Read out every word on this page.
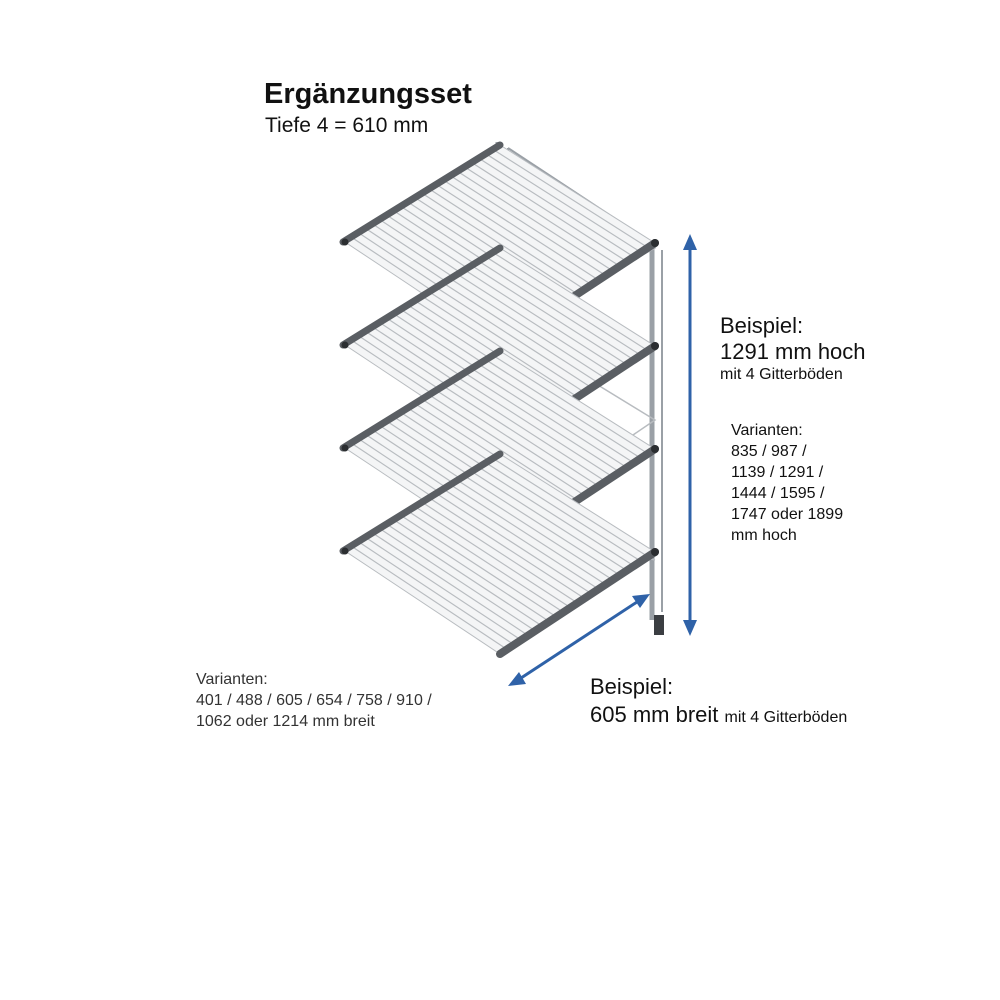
Ergänzungsset
Tiefe 4 = 610 mm
Beispiel:
1291 mm hoch
mit 4 Gitterböden
Varianten:
835 / 987 /
1139 / 1291 /
1444 / 1595 /
1747 oder 1899
mm hoch
Beispiel:
605 mm breit mit 4 Gitterböden
Varianten:
401 / 488 / 605 / 654 / 758 / 910 /
1062 oder 1214 mm breit
